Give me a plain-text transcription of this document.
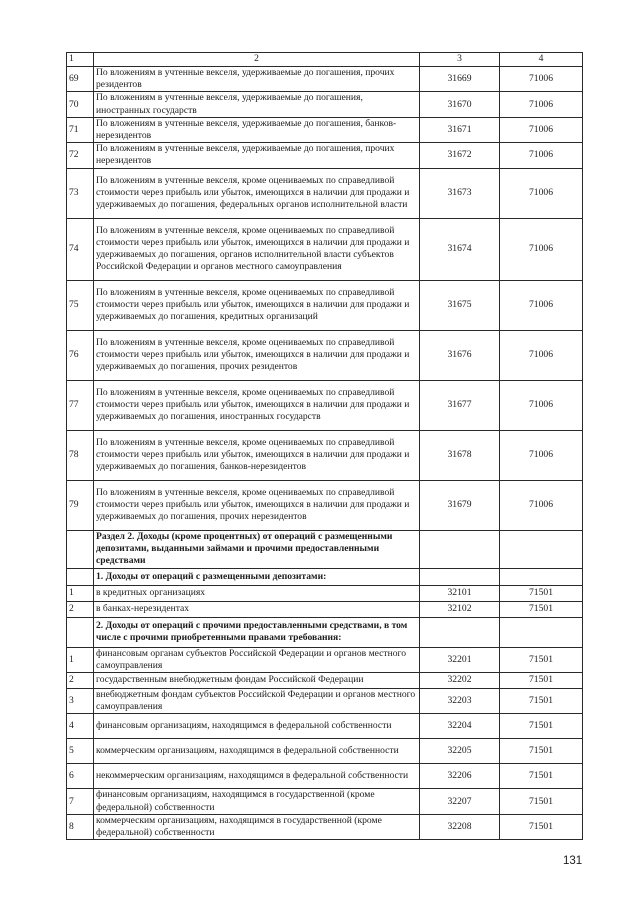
1	2	3	4
69	По вложениям в учтенные векселя, удерживаемые до погашения, прочих резидентов	31669	71006
70	По вложениям в учтенные векселя, удерживаемые до погашения, иностранных государств	31670	71006
71	По вложениям в учтенные векселя, удерживаемые до погашения, банков-нерезидентов	31671	71006
72	По вложениям в учтенные векселя, удерживаемые до погашения, прочих нерезидентов	31672	71006
73	По вложениям в учтенные векселя, кроме оцениваемых по справедливой стоимости через прибыль или убыток, имеющихся в наличии для продажи и удерживаемых до погашения, федеральных органов исполнительной власти	31673	71006
74	По вложениям в учтенные векселя, кроме оцениваемых по справедливой стоимости через прибыль или убыток, имеющихся в наличии для продажи и удерживаемых до погашения, органов исполнительной власти субъектов Российской Федерации и органов местного самоуправления	31674	71006
75	По вложениям в учтенные векселя, кроме оцениваемых по справедливой стоимости через прибыль или убыток, имеющихся в наличии для продажи и удерживаемых до погашения, кредитных организаций	31675	71006
76	По вложениям в учтенные векселя, кроме оцениваемых по справедливой стоимости через прибыль или убыток, имеющихся в наличии для продажи и удерживаемых до погашения, прочих резидентов	31676	71006
77	По вложениям в учтенные векселя, кроме оцениваемых по справедливой стоимости через прибыль или убыток, имеющихся в наличии для продажи и удерживаемых до погашения, иностранных государств	31677	71006
78	По вложениям в учтенные векселя, кроме оцениваемых по справедливой стоимости через прибыль или убыток, имеющихся в наличии для продажи и удерживаемых до погашения, банков-нерезидентов	31678	71006
79	По вложениям в учтенные векселя, кроме оцениваемых по справедливой стоимости через прибыль или убыток, имеющихся в наличии для продажи и удерживаемых до погашения, прочих нерезидентов	31679	71006
	Раздел 2. Доходы (кроме процентных) от операций с размещенными депозитами, выданными займами и прочими предоставленными средствами		
	1. Доходы от операций с размещенными депозитами:		
1	в кредитных организациях	32101	71501
2	в банках-нерезидентах	32102	71501
	2. Доходы от операций с прочими предоставленными средствами, в том числе с прочими приобретенными правами требования:		
1	финансовым органам субъектов Российской Федерации и органов местного самоуправления	32201	71501
2	государственным внебюджетным фондам Российской Федерации	32202	71501
3	внебюджетным фондам субъектов Российской Федерации и органов местного самоуправления	32203	71501
4	финансовым организациям, находящимся в федеральной собственности	32204	71501
5	коммерческим организациям, находящимся в федеральной собственности	32205	71501
6	некоммерческим организациям, находящимся в федеральной собственности	32206	71501
7	финансовым организациям, находящимся в государственной (кроме федеральной) собственности	32207	71501
8	коммерческим организациям, находящимся в государственной (кроме федеральной) собственности	32208	71501
131
